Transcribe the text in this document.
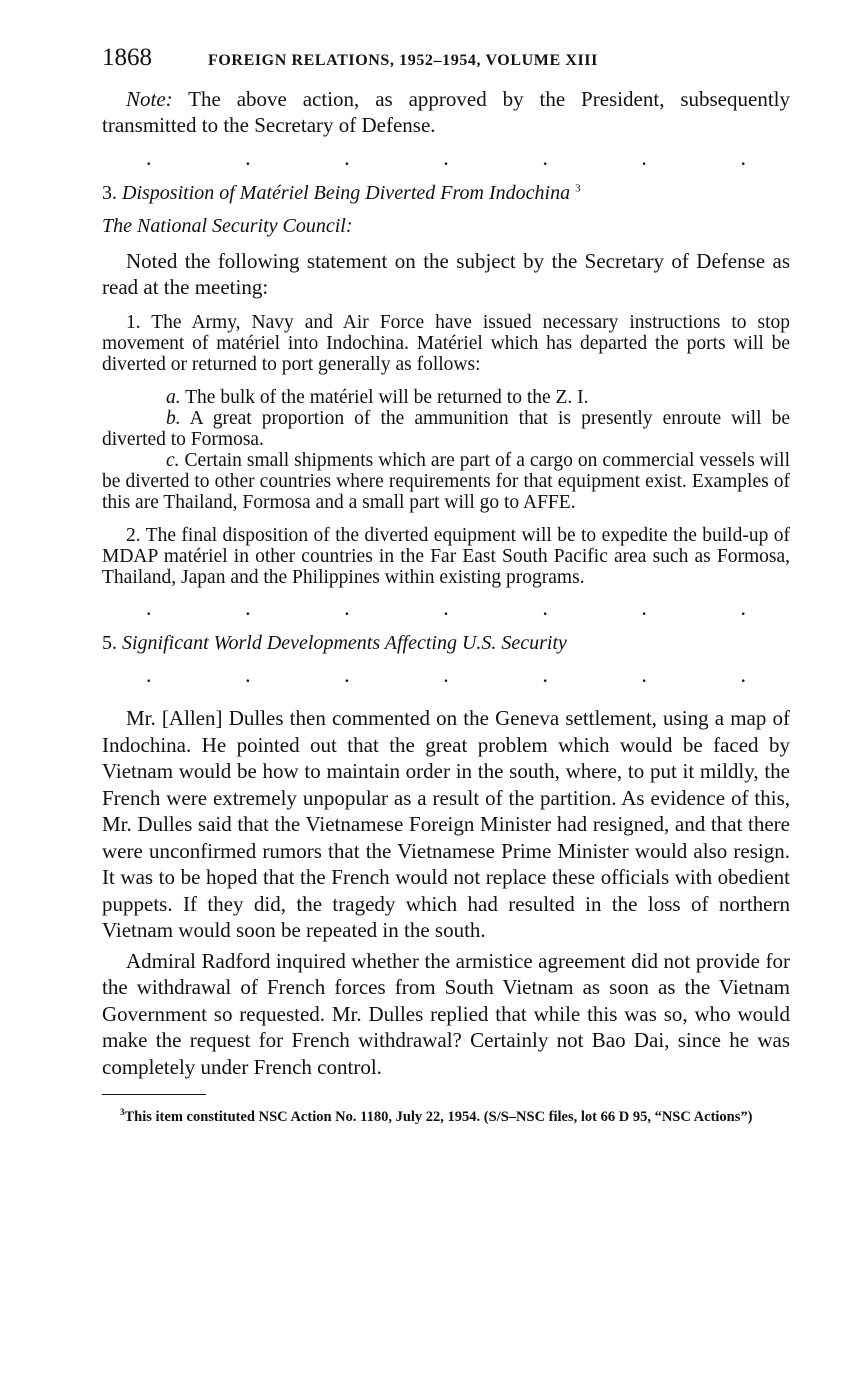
1868	FOREIGN RELATIONS, 1952–1954, VOLUME XIII

Note: The above action, as approved by the President, subsequently transmitted to the Secretary of Defense.

.	.	.	.	.	.	.
3. Disposition of Matériel Being Diverted From Indochina $^3$
The National Security Council:

Noted the following statement on the subject by the Secretary of Defense as read at the meeting:

1. The Army, Navy and Air Force have issued necessary instructions to stop movement of matériel into Indochina. Matériel which has departed the ports will be diverted or returned to port generally as follows:

a. The bulk of the matériel will be returned to the Z. I.

b. A great proportion of the ammunition that is presently enroute will be diverted to Formosa.

c. Certain small shipments which are part of a cargo on commercial vessels will be diverted to other countries where requirements for that equipment exist. Examples of this are Thailand, Formosa and a small part will go to AFFE.

2. The final disposition of the diverted equipment will be to expedite the build-up of MDAP matériel in other countries in the Far East South Pacific area such as Formosa, Thailand, Japan and the Philippines within existing programs.

.	.	.	.	.	.	.
5. Significant World Developments Affecting U.S. Security
.	.	.	.	.	.	.

Mr. [Allen] Dulles then commented on the Geneva settlement, using a map of Indochina. He pointed out that the great problem which would be faced by Vietnam would be how to maintain order in the south, where, to put it mildly, the French were extremely unpopular as a result of the partition. As evidence of this, Mr. Dulles said that the Vietnamese Foreign Minister had resigned, and that there were unconfirmed rumors that the Vietnamese Prime Minister would also resign. It was to be hoped that the French would not replace these officials with obedient puppets. If they did, the tragedy which had resulted in the loss of northern Vietnam would soon be repeated in the south.

Admiral Radford inquired whether the armistice agreement did not provide for the withdrawal of French forces from South Vietnam as soon as the Vietnam Government so requested. Mr. Dulles replied that while this was so, who would make the request for French withdrawal? Certainly not Bao Dai, since he was completely under French control.

$^3$This item constituted NSC Action No. 1180, July 22, 1954. (S/S–NSC files, lot 66 D 95, “NSC Actions”)
